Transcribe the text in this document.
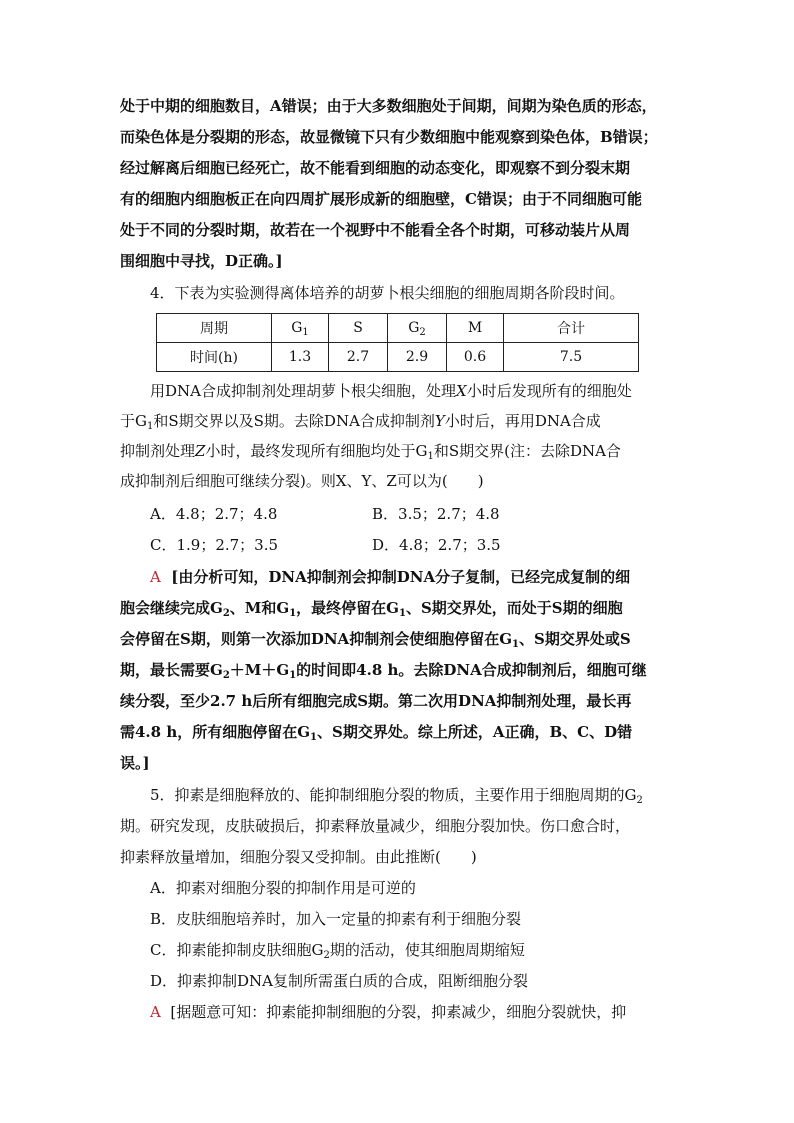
处于中期的细胞数目，A错误；由于大多数细胞处于间期，间期为染色质的形态，
而染色体是分裂期的形态，故显微镜下只有少数细胞中能观察到染色体，B错误；
经过解离后细胞已经死亡，故不能看到细胞的动态变化，即观察不到分裂末期
有的细胞内细胞板正在向四周扩展形成新的细胞壁，C错误；由于不同细胞可能
处于不同的分裂时期，故若在一个视野中不能看全各个时期，可移动装片从周
围细胞中寻找，D正确。]
4．下表为实验测得离体培养的胡萝卜根尖细胞的细胞周期各阶段时间。
周期	$G_1$	S	$G_2$	M	合计
时间(h)	1.3	2.7	2.9	0.6	7.5
用DNA合成抑制剂处理胡萝卜根尖细胞，处理X小时后发现所有的细胞处
于$G_1$和S期交界以及S期。去除DNA合成抑制剂Y小时后，再用DNA合成
抑制剂处理Z小时，最终发现所有细胞均处于$G_1$和S期交界(注：去除DNA合
成抑制剂后细胞可继续分裂)。则X、Y、Z可以为(　　)
A．4.8；2.7；4.8	B．3.5；2.7；4.8
C．1.9；2.7；3.5	D．4.8；2.7；3.5
A [由分析可知，DNA抑制剂会抑制DNA分子复制，已经完成复制的细
胞会继续完成$G_2$、M和$G_1$，最终停留在$G_1$、S期交界处，而处于S期的细胞
会停留在S期，则第一次添加DNA抑制剂会使细胞停留在$G_1$、S期交界处或S
期，最长需要$G_2+M+G_1$的时间即4.8 h。去除DNA合成抑制剂后，细胞可继
续分裂，至少2.7 h后所有细胞完成S期。第二次用DNA抑制剂处理，最长再
需4.8 h，所有细胞停留在$G_1$、S期交界处。综上所述，A正确，B、C、D错
误。]
5．抑素是细胞释放的、能抑制细胞分裂的物质，主要作用于细胞周期的$G_2$
期。研究发现，皮肤破损后，抑素释放量减少，细胞分裂加快。伤口愈合时，
抑素释放量增加，细胞分裂又受抑制。由此推断(　　)
A．抑素对细胞分裂的抑制作用是可逆的
B．皮肤细胞培养时，加入一定量的抑素有利于细胞分裂
C．抑素能抑制皮肤细胞$G_2$期的活动，使其细胞周期缩短
D．抑素抑制DNA复制所需蛋白质的合成，阻断细胞分裂
A [据题意可知：抑素能抑制细胞的分裂，抑素减少，细胞分裂就快，抑
